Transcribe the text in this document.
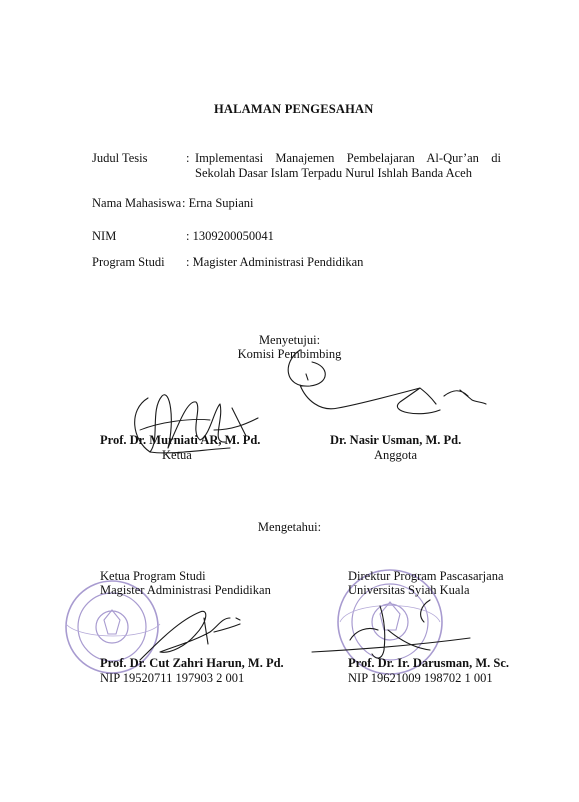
HALAMAN PENGESAHAN
Judul Tesis	: Implementasi Manajemen Pembelajaran Al-Qur’an di
Sekolah Dasar Islam Terpadu Nurul Ishlah Banda Aceh
Nama Mahasiswa : Erna Supiani
NIM	: 1309200050041
Program Studi : Magister Administrasi Pendidikan
Menyetujui:
Komisi Pembimbing
Prof. Dr. Murniati AR, M. Pd.
Ketua
Dr. Nasir Usman, M. Pd.
Anggota
Mengetahui:
Ketua Program Studi
Magister Administrasi Pendidikan
Direktur Program Pascasarjana
Universitas Syiah Kuala
Prof. Dr. Cut Zahri Harun, M. Pd.
NIP 19520711 197903 2 001
Prof. Dr. Ir. Darusman, M. Sc.
NIP 19621009 198702 1 001
